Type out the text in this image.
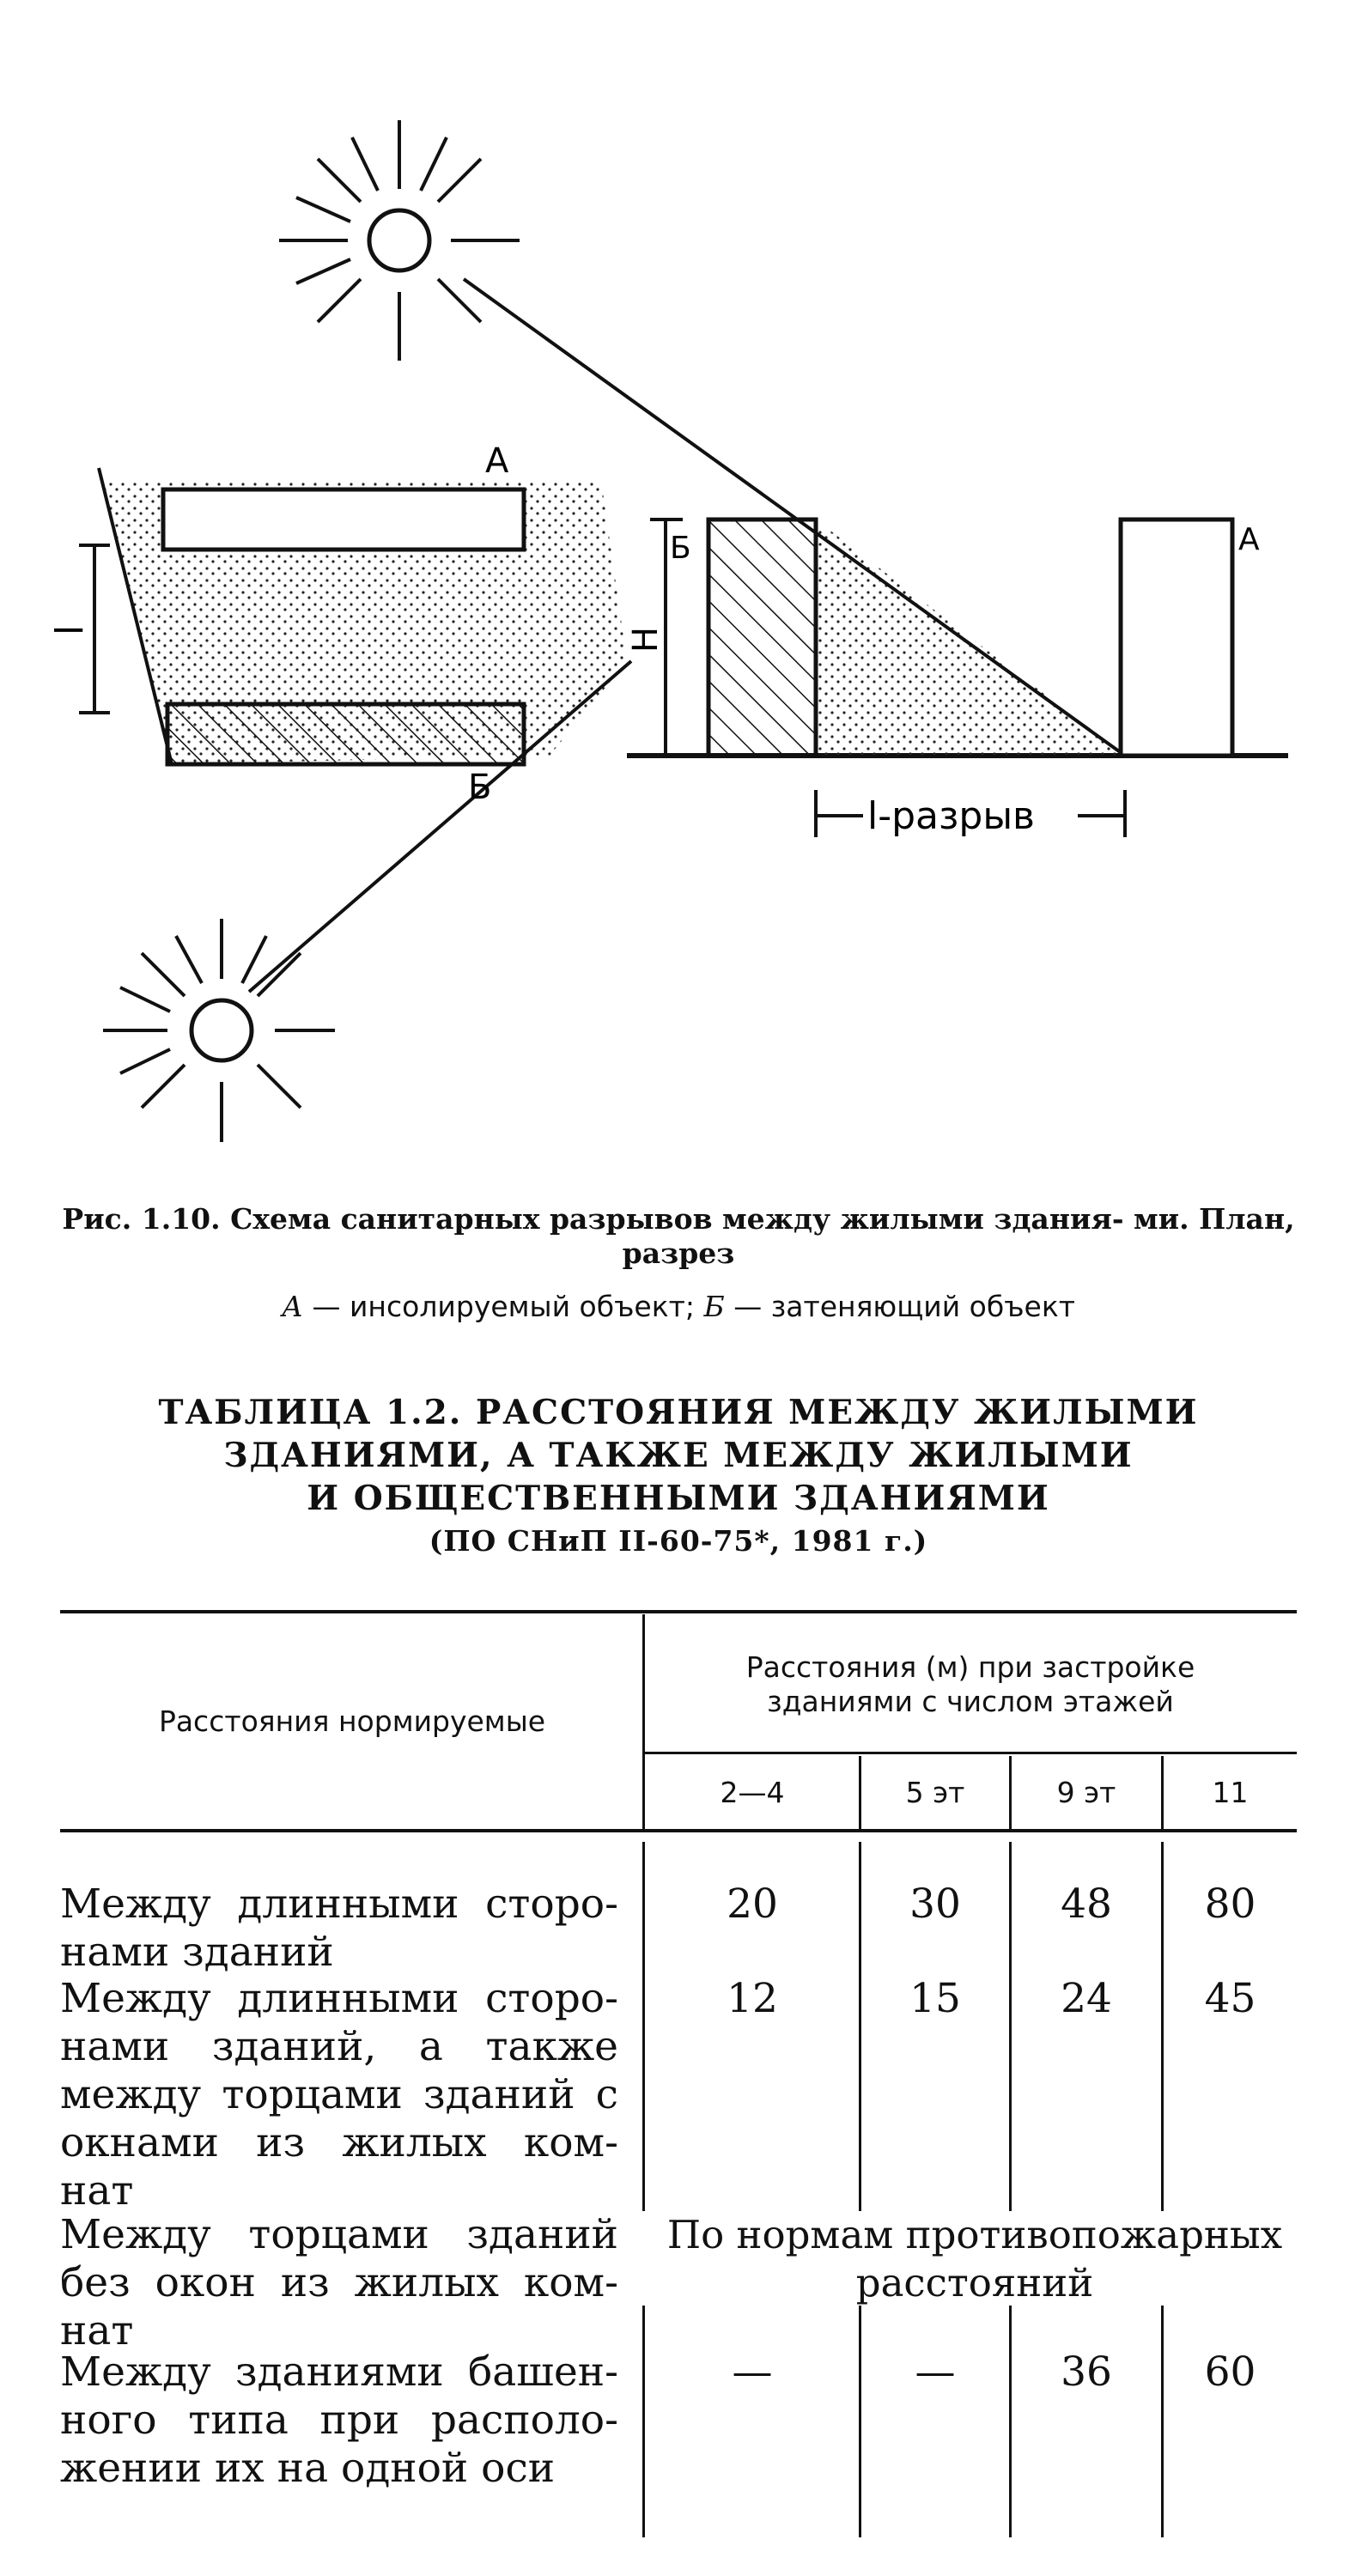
А
Б
l
Б	А
Н
l-разрыв
Рис. 1.10. Схема санитарных разрывов между жилыми здания- ми. План, разрез
А — инсолируемый объект; Б — затеняющий объект
ТАБЛИЦА 1.2. РАССТОЯНИЯ МЕЖДУ ЖИЛЫМИ
ЗДАНИЯМИ, А ТАКЖЕ МЕЖДУ ЖИЛЫМИ
И ОБЩЕСТВЕННЫМИ ЗДАНИЯМИ
(ПО СНиП II-60-75*, 1981 г.)
Расстояния нормируемые
Расстояния (м) при застройке зданиями с числом этажей
2—4	5 эт	9 эт	11
Между длинными сторо- нами зданий
20	30	48	80
Между длинными сторо- нами зданий, а также между торцами зданий с окнами из жилых ком- нат
12	15	24	45
Между торцами зданий без окон из жилых ком- нат
По нормам противопожарных расстояний
Между зданиями башен- ного типа при располо- жении их на одной оси
—	—	36	60
